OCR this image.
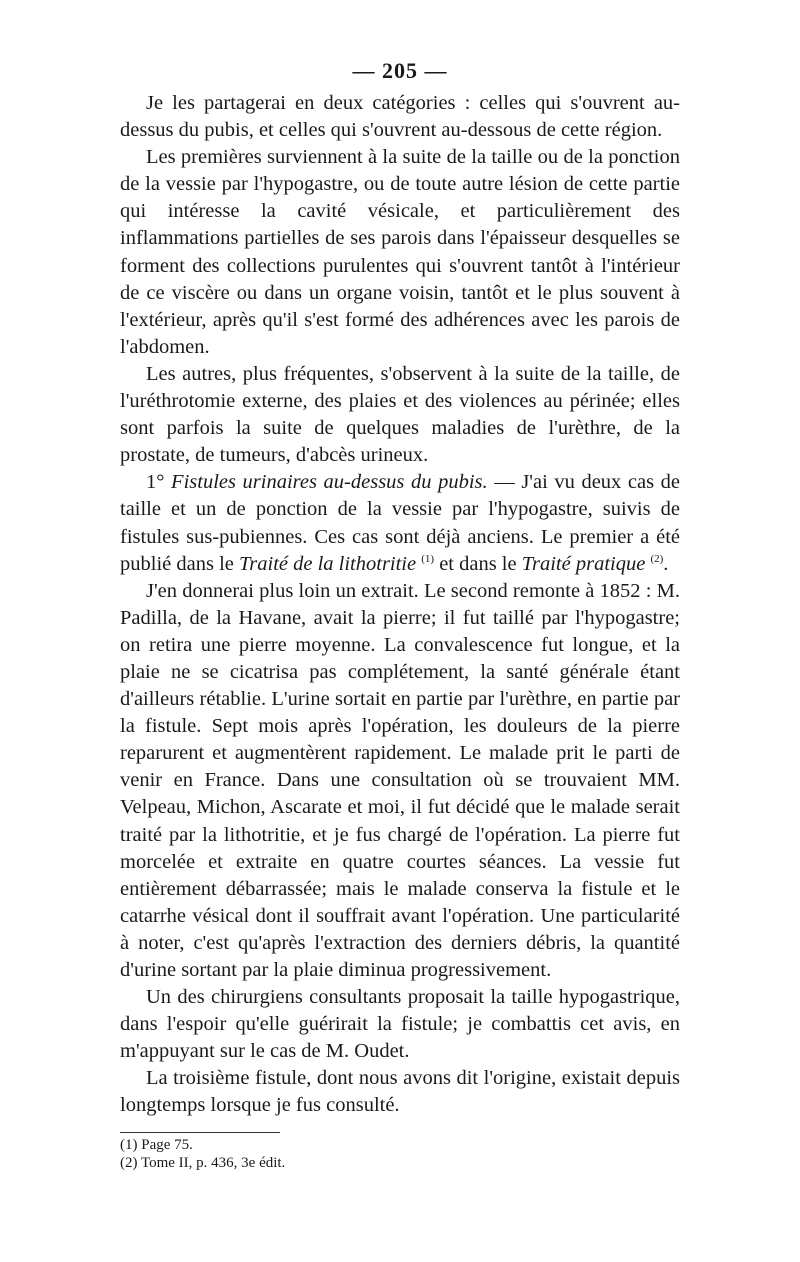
— 205 —

Je les partagerai en deux catégories : celles qui s'ouvrent au-dessus du pubis, et celles qui s'ouvrent au-dessous de cette région.

Les premières surviennent à la suite de la taille ou de la ponction de la vessie par l'hypogastre, ou de toute autre lésion de cette partie qui intéresse la cavité vésicale, et particulièrement des inflammations partielles de ses parois dans l'épaisseur desquelles se forment des collections purulentes qui s'ouvrent tantôt à l'intérieur de ce viscère ou dans un organe voisin, tantôt et le plus souvent à l'extérieur, après qu'il s'est formé des adhérences avec les parois de l'abdomen.

Les autres, plus fréquentes, s'observent à la suite de la taille, de l'uréthrotomie externe, des plaies et des violences au périnée; elles sont parfois la suite de quelques maladies de l'urèthre, de la prostate, de tumeurs, d'abcès urineux.

1° Fistules urinaires au-dessus du pubis. — J'ai vu deux cas de taille et un de ponction de la vessie par l'hypogastre, suivis de fistules sus-pubiennes. Ces cas sont déjà anciens. Le premier a été publié dans le Traité de la lithotritie $^{(1)}$ et dans le Traité pratique $^{(2)}$.

J'en donnerai plus loin un extrait. Le second remonte à 1852 : M. Padilla, de la Havane, avait la pierre; il fut taillé par l'hypogastre; on retira une pierre moyenne. La convalescence fut longue, et la plaie ne se cicatrisa pas complétement, la santé générale étant d'ailleurs rétablie. L'urine sortait en partie par l'urèthre, en partie par la fistule. Sept mois après l'opération, les douleurs de la pierre reparurent et augmentèrent rapidement. Le malade prit le parti de venir en France. Dans une consultation où se trouvaient MM. Velpeau, Michon, Ascarate et moi, il fut décidé que le malade serait traité par la lithotritie, et je fus chargé de l'opération. La pierre fut morcelée et extraite en quatre courtes séances. La vessie fut entièrement débarrassée; mais le malade conserva la fistule et le catarrhe vésical dont il souffrait avant l'opération. Une particularité à noter, c'est qu'après l'extraction des derniers débris, la quantité d'urine sortant par la plaie diminua progressivement.

Un des chirurgiens consultants proposait la taille hypogastrique, dans l'espoir qu'elle guérirait la fistule; je combattis cet avis, en m'appuyant sur le cas de M. Oudet.

La troisième fistule, dont nous avons dit l'origine, existait depuis longtemps lorsque je fus consulté.

(1) Page 75.
(2) Tome II, p. 436, 3e édit.
